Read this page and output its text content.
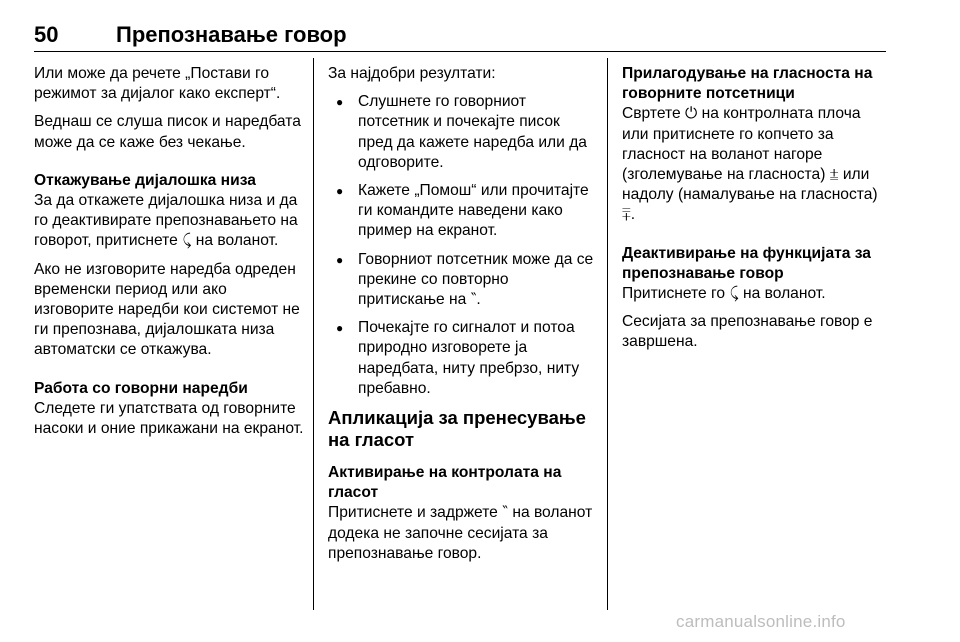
50	Препознавање говор

Или може да речете „Постави го режимот за дијалог како експерт“.

Веднаш се слуша писок и наредбата може да се каже без чекање.

Откажување дијалошка низа

За да откажете дијалошка низа и да го деактивирате препознавањето на говорот, притиснете ⤹ на воланот.

Ако не изговорите наредба одреден временски период или ако изговорите наредби кои системот не ги препознава, дијалошката низа автоматски се откажува.

Работа со говорни наредби

Следете ги упатствата од говорните насоки и оние прикажани на екранот.

За најдобри резултати:

● Слушнете го говорниот потсетник и почекајте писок пред да кажете наредба или да одговорите.
● Кажете „Помош“ или прочитајте ги командите наведени како пример на екранот.
● Говорниот потсетник може да се прекине со повторно притискање на ‶.
● Почекајте го сигналот и потоа природно изговорете ја наредбата, ниту пребрзо, ниту пребавно.

Апликација за пренесување на гласот

Активирање на контролата на гласот

Притиснете и задржете ‶ на воланот додека не започне сесијата за препознавање говор.

Прилагодување на гласноста на говорните потсетници

Свртете ⏻ на контролната плоча или притиснете го копчето за гласност на воланот нагоре (зголемување на гласноста) ⩲ или надолу (намалување на гласноста) ⩱.

Деактивирање на функцијата за препознавање говор

Притиснете го ⤹ на воланот.

Сесијата за препознавање говор е завршена.

carmanualsonline.info
